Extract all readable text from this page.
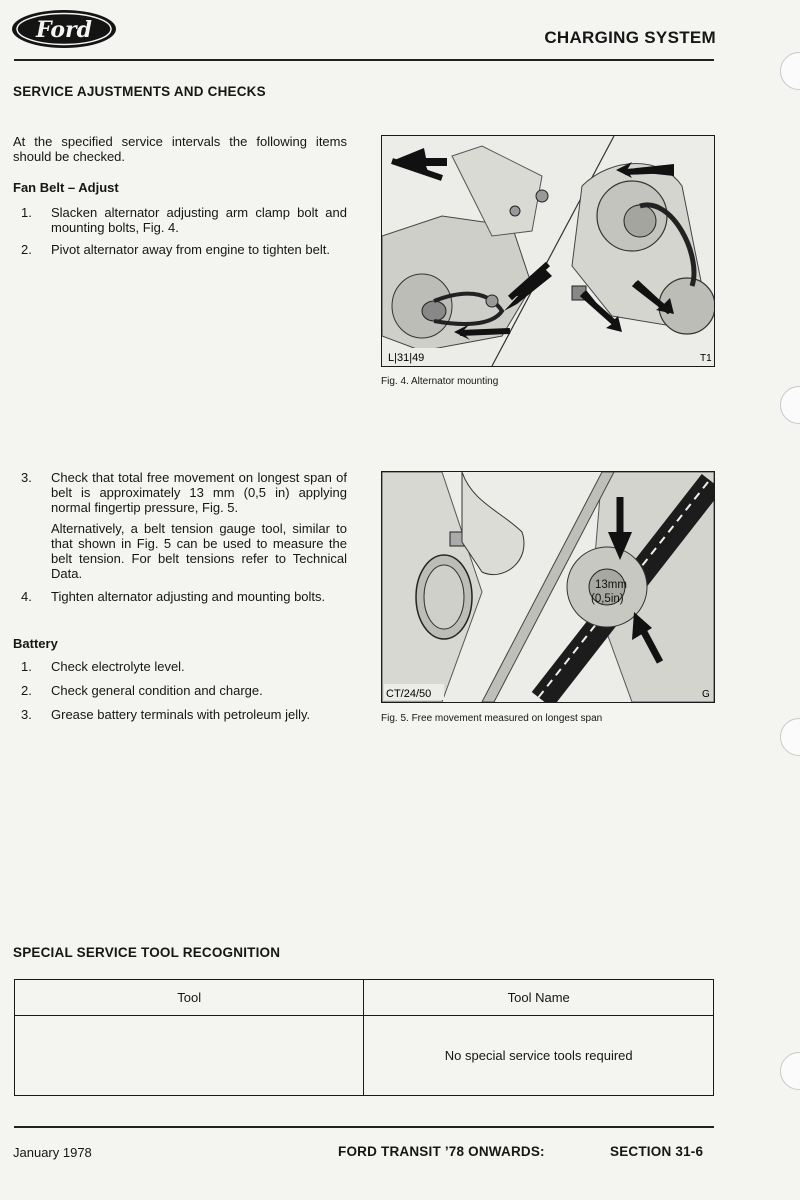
Ford	CHARGING SYSTEM
SERVICE AJUSTMENTS AND CHECKS
At the specified service intervals the following items should be checked.
Fan Belt – Adjust
1. Slacken alternator adjusting arm clamp bolt and mounting bolts, Fig. 4.
2. Pivot alternator away from engine to tighten belt.
3. Check that total free movement on longest span of belt is approximately 13 mm (0,5 in) applying normal fingertip pressure, Fig. 5.
Alternatively, a belt tension gauge tool, similar to that shown in Fig. 5 can be used to measure the belt tension. For belt tensions refer to Technical Data.
4. Tighten alternator adjusting and mounting bolts.
Battery
1. Check electrolyte level.
2. Check general condition and charge.
3. Grease battery terminals with petroleum jelly.
L|31|49	T1
Fig. 4. Alternator mounting
13mm
(0,5in)
CT/24/50	G
Fig. 5. Free movement measured on longest span
SPECIAL SERVICE TOOL RECOGNITION
Tool	Tool Name
	No special service tools required
January 1978	FORD TRANSIT ’78 ONWARDS:	SECTION 31-6
